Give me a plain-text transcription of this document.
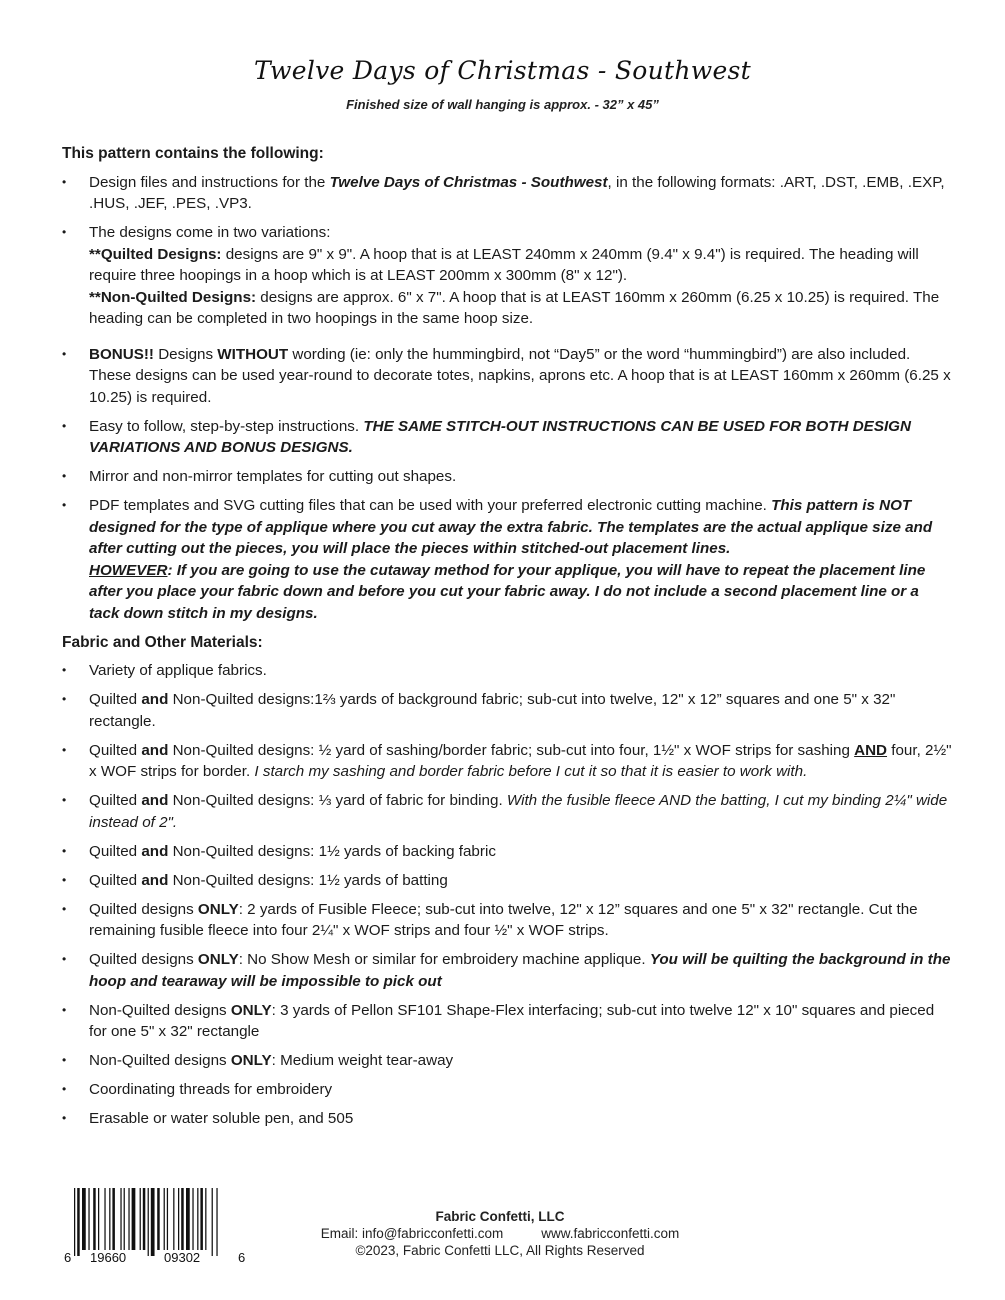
Twelve Days of Christmas - Southwest
Finished size of wall hanging is approx. - 32” x 45”
This pattern contains the following:
• Design files and instructions for the Twelve Days of Christmas - Southwest, in the following formats: .ART, .DST, .EMB, .EXP, .HUS, .JEF, .PES, .VP3.
• The designs come in two variations:
**Quilted Designs: designs are 9" x 9". A hoop that is at LEAST 240mm x 240mm (9.4" x 9.4") is required. The heading will require three hoopings in a hoop which is at LEAST 200mm x 300mm (8" x 12").
**Non-Quilted Designs: designs are approx. 6" x 7". A hoop that is at LEAST 160mm x 260mm (6.25 x 10.25) is required. The heading can be completed in two hoopings in the same hoop size.
• BONUS!! Designs WITHOUT wording (ie: only the hummingbird, not “Day5” or the word “hummingbird”) are also included. These designs can be used year-round to decorate totes, napkins, aprons etc. A hoop that is at LEAST 160mm x 260mm (6.25 x 10.25) is required.
• Easy to follow, step-by-step instructions. THE SAME STITCH-OUT INSTRUCTIONS CAN BE USED FOR BOTH DESIGN VARIATIONS AND BONUS DESIGNS.
• Mirror and non-mirror templates for cutting out shapes.
• PDF templates and SVG cutting files that can be used with your preferred electronic cutting machine. This pattern is NOT designed for the type of applique where you cut away the extra fabric. The templates are the actual applique size and after cutting out the pieces, you will place the pieces within stitched-out placement lines.
HOWEVER: If you are going to use the cutaway method for your applique, you will have to repeat the placement line after you place your fabric down and before you cut your fabric away. I do not include a second placement line or a tack down stitch in my designs.
Fabric and Other Materials:
• Variety of applique fabrics.
• Quilted and Non-Quilted designs:1⅔ yards of background fabric; sub-cut into twelve, 12" x 12” squares and one 5" x 32" rectangle.
• Quilted and Non-Quilted designs: ½ yard of sashing/border fabric; sub-cut into four, 1½" x WOF strips for sashing AND four, 2½" x WOF strips for border. I starch my sashing and border fabric before I cut it so that it is easier to work with.
• Quilted and Non-Quilted designs: ⅓ yard of fabric for binding. With the fusible fleece AND the batting, I cut my binding 2¼" wide instead of 2".
• Quilted and Non-Quilted designs: 1½ yards of backing fabric
• Quilted and Non-Quilted designs: 1½ yards of batting
• Quilted designs ONLY: 2 yards of Fusible Fleece; sub-cut into twelve, 12" x 12” squares and one 5" x 32" rectangle. Cut the remaining fusible fleece into four 2¼" x WOF strips and four ½" x WOF strips.
• Quilted designs ONLY: No Show Mesh or similar for embroidery machine applique. You will be quilting the background in the hoop and tearaway will be impossible to pick out
• Non-Quilted designs ONLY: 3 yards of Pellon SF101 Shape-Flex interfacing; sub-cut into twelve 12" x 10" squares and pieced for one 5" x 32" rectangle
• Non-Quilted designs ONLY: Medium weight tear-away
• Coordinating threads for embroidery
• Erasable or water soluble pen, and 505
6 19660	09302	6
Fabric Confetti, LLC
Email: info@fabricconfetti.com	www.fabricconfetti.com
©2023, Fabric Confetti LLC, All Rights Reserved
